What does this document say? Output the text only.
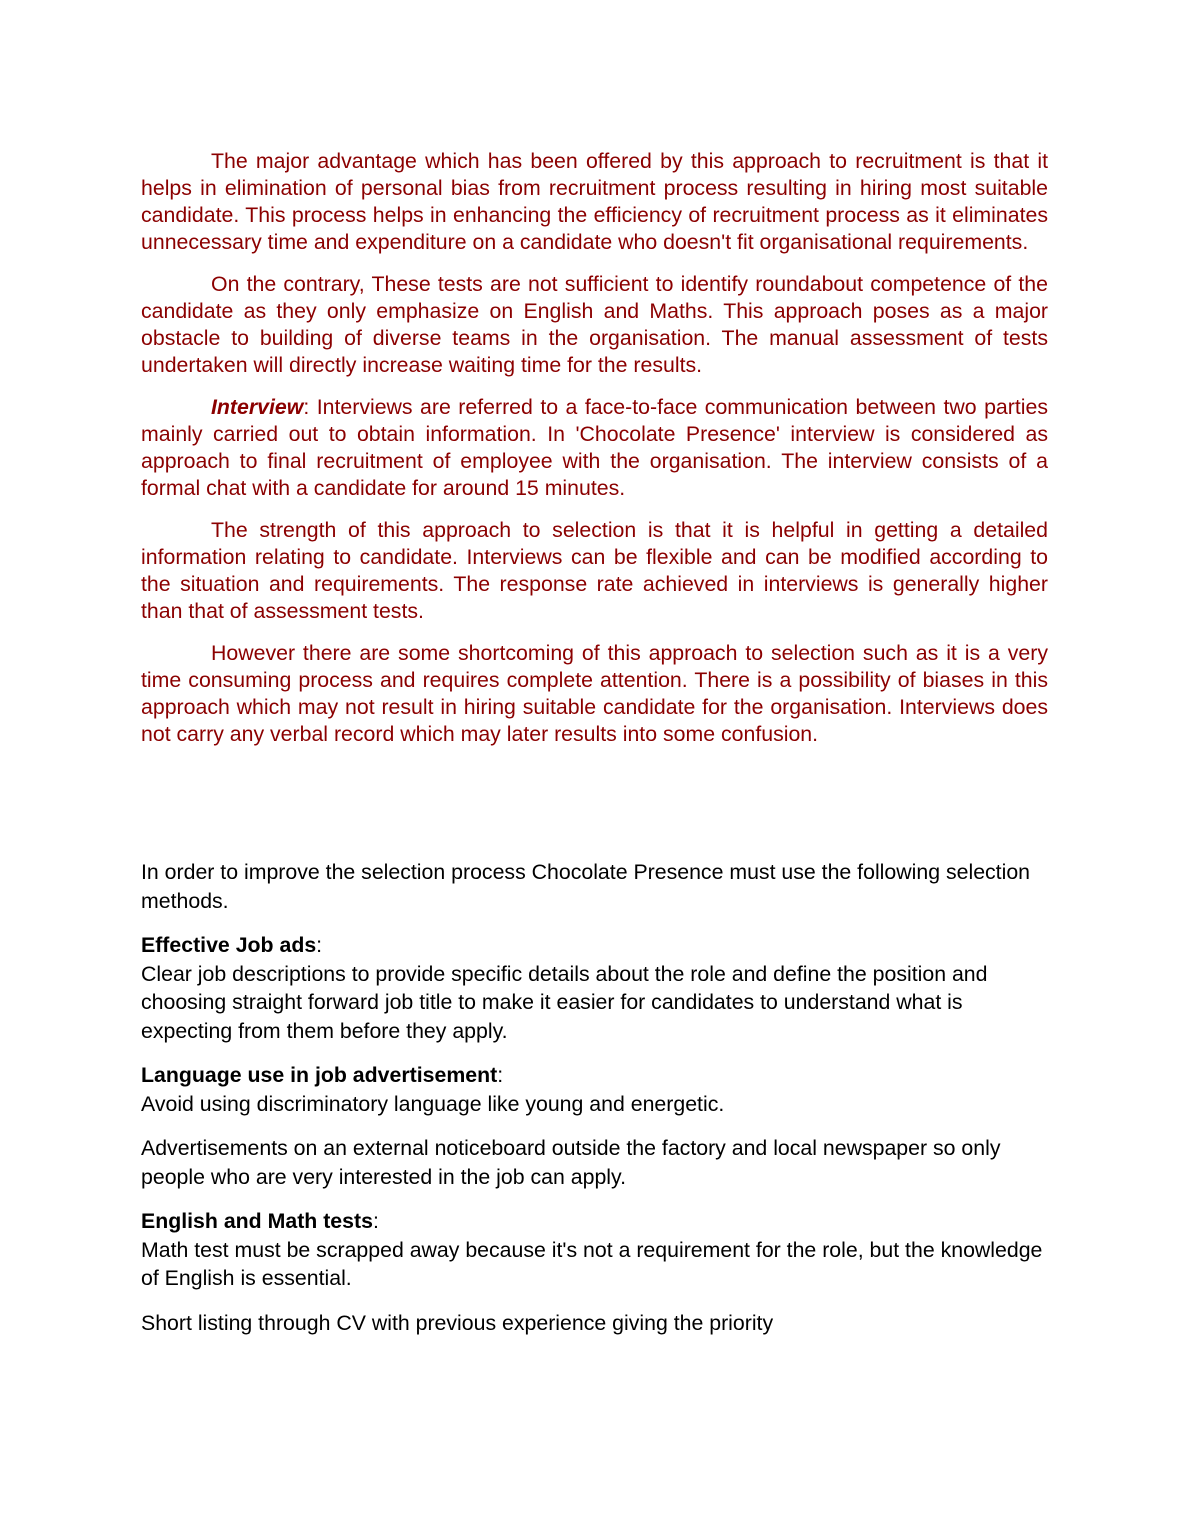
The major advantage which has been offered by this approach to recruitment is that it helps in elimination of personal bias from recruitment process resulting in hiring most suitable candidate. This process helps in enhancing the efficiency of recruitment process as it eliminates unnecessary time and expenditure on a candidate who doesn't fit organisational requirements.

On the contrary, These tests are not sufficient to identify roundabout competence of the candidate as they only emphasize on English and Maths. This approach poses as a major obstacle to building of diverse teams in the organisation. The manual assessment of tests undertaken will directly increase waiting time for the results.

Interview: Interviews are referred to a face-to-face communication between two parties mainly carried out to obtain information. In 'Chocolate Presence' interview is considered as approach to final recruitment of employee with the organisation. The interview consists of a formal chat with a candidate for around 15 minutes.

The strength of this approach to selection is that it is helpful in getting a detailed information relating to candidate. Interviews can be flexible and can be modified according to the situation and requirements. The response rate achieved in interviews is generally higher than that of assessment tests.

However there are some shortcoming of this approach to selection such as it is a very time consuming process and requires complete attention. There is a possibility of biases in this approach which may not result in hiring suitable candidate for the organisation. Interviews does not carry any verbal record which may later results into some confusion.

In order to improve the selection process Chocolate Presence must use the following selection methods.

Effective Job ads:
Clear job descriptions to provide specific details about the role and define the position and choosing straight forward job title to make it easier for candidates to understand what is expecting from them before they apply.

Language use in job advertisement:
Avoid using discriminatory language like young and energetic.

Advertisements on an external noticeboard outside the factory and local newspaper so only people who are very interested in the job can apply.

English and Math tests:
Math test must be scrapped away because it's not a requirement for the role, but the knowledge of English is essential.

Short listing through CV with previous experience giving the priority
